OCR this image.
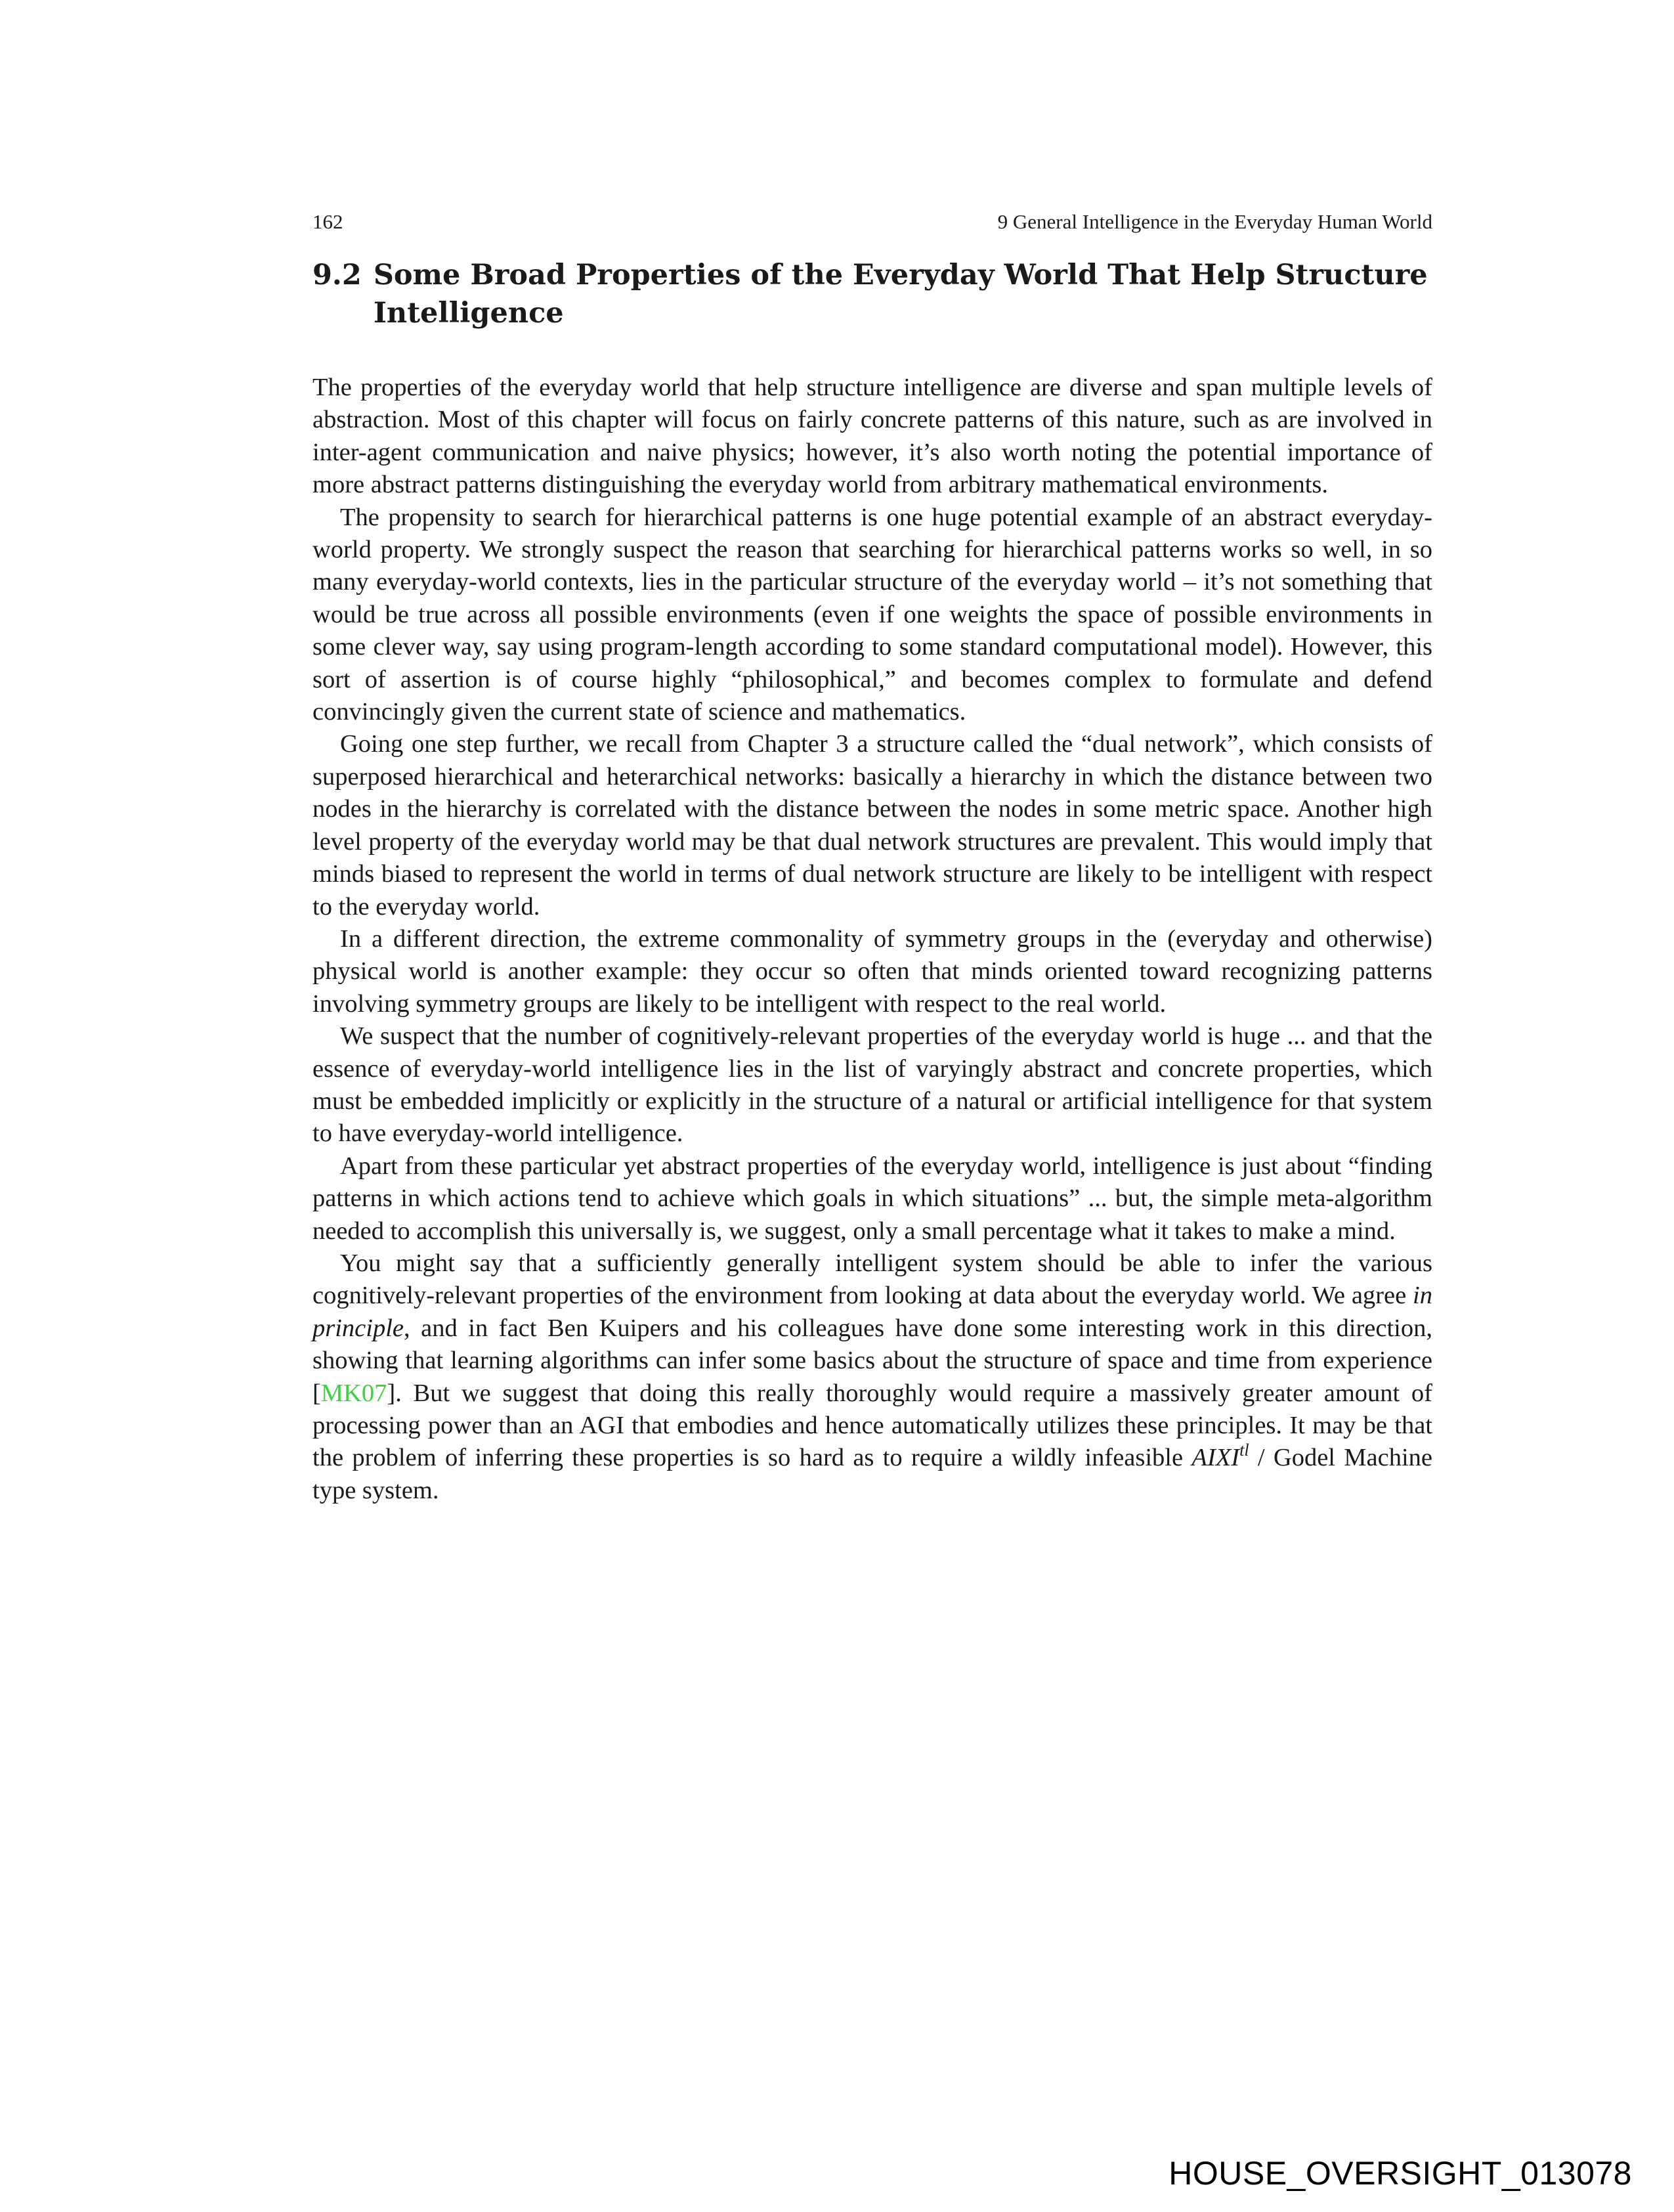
162	9 General Intelligence in the Everyday Human World
9.2 Some Broad Properties of the Everyday World That Help Structure Intelligence

The properties of the everyday world that help structure intelligence are diverse and span multiple levels of abstraction. Most of this chapter will focus on fairly concrete patterns of this nature, such as are involved in inter-agent communication and naive physics; however, it’s also worth noting the potential importance of more abstract patterns distinguishing the everyday world from arbitrary mathematical environments.

The propensity to search for hierarchical patterns is one huge potential example of an abstract everyday-world property. We strongly suspect the reason that searching for hierarchical patterns works so well, in so many everyday-world contexts, lies in the particular structure of the everyday world – it’s not something that would be true across all possible environments (even if one weights the space of possible environments in some clever way, say using program-length according to some standard computational model). However, this sort of assertion is of course highly “philosophical,” and becomes complex to formulate and defend convincingly given the current state of science and mathematics.

Going one step further, we recall from Chapter 3 a structure called the “dual network”, which consists of superposed hierarchical and heterarchical networks: basically a hierarchy in which the distance between two nodes in the hierarchy is correlated with the distance between the nodes in some metric space. Another high level property of the everyday world may be that dual network structures are prevalent. This would imply that minds biased to represent the world in terms of dual network structure are likely to be intelligent with respect to the everyday world.

In a different direction, the extreme commonality of symmetry groups in the (everyday and otherwise) physical world is another example: they occur so often that minds oriented toward recognizing patterns involving symmetry groups are likely to be intelligent with respect to the real world.

We suspect that the number of cognitively-relevant properties of the everyday world is huge ... and that the essence of everyday-world intelligence lies in the list of varyingly abstract and concrete properties, which must be embedded implicitly or explicitly in the structure of a natural or artificial intelligence for that system to have everyday-world intelligence.

Apart from these particular yet abstract properties of the everyday world, intelligence is just about “finding patterns in which actions tend to achieve which goals in which situations” ... but, the simple meta-algorithm needed to accomplish this universally is, we suggest, only a small percentage what it takes to make a mind.

You might say that a sufficiently generally intelligent system should be able to infer the various cognitively-relevant properties of the environment from looking at data about the everyday world. We agree in principle, and in fact Ben Kuipers and his colleagues have done some interesting work in this direction, showing that learning algorithms can infer some basics about the structure of space and time from experience [MK07]. But we suggest that doing this really thoroughly would require a massively greater amount of processing power than an AGI that embodies and hence automatically utilizes these principles. It may be that the problem of inferring these properties is so hard as to require a wildly infeasible $AIXI^{tl}$ / Godel Machine type system.

HOUSE_OVERSIGHT_013078
